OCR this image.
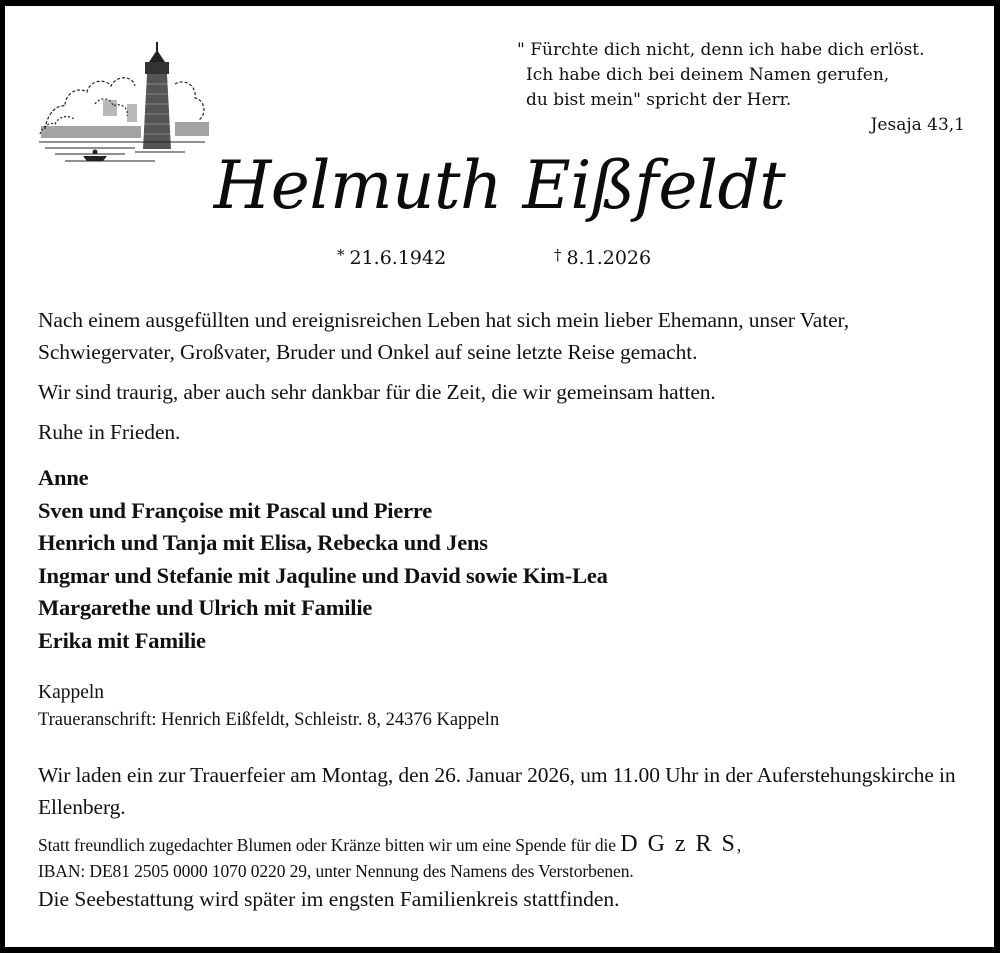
" Fürchte dich nicht, denn ich habe dich erlöst.
Ich habe dich bei deinem Namen gerufen,
du bist mein" spricht der Herr.
Jesaja 43,1
Helmuth Eißfeldt
* 21.6.1942	† 8.1.2026

Nach einem ausgefüllten und ereignisreichen Leben hat sich mein lieber Ehemann, unser Vater, Schwiegervater, Großvater, Bruder und Onkel auf seine letzte Reise gemacht.

Wir sind traurig, aber auch sehr dankbar für die Zeit, die wir gemeinsam hatten.

Ruhe in Frieden.

Anne
Sven und Françoise mit Pascal und Pierre
Henrich und Tanja mit Elisa, Rebecka und Jens
Ingmar und Stefanie mit Jaquline und David sowie Kim-Lea
Margarethe und Ulrich mit Familie
Erika mit Familie
Kappeln
Traueranschrift: Henrich Eißfeldt, Schleistr. 8, 24376 Kappeln

Wir laden ein zur Trauerfeier am Montag, den 26. Januar 2026, um 11.00 Uhr in der Auferstehungskirche in Ellenberg.

Statt freundlich zugedachter Blumen oder Kränze bitten wir um eine Spende für die D G z R S,

IBAN: DE81 2505 0000 1070 0220 29, unter Nennung des Namens des Verstorbenen.

Die Seebestattung wird später im engsten Familienkreis stattfinden.
